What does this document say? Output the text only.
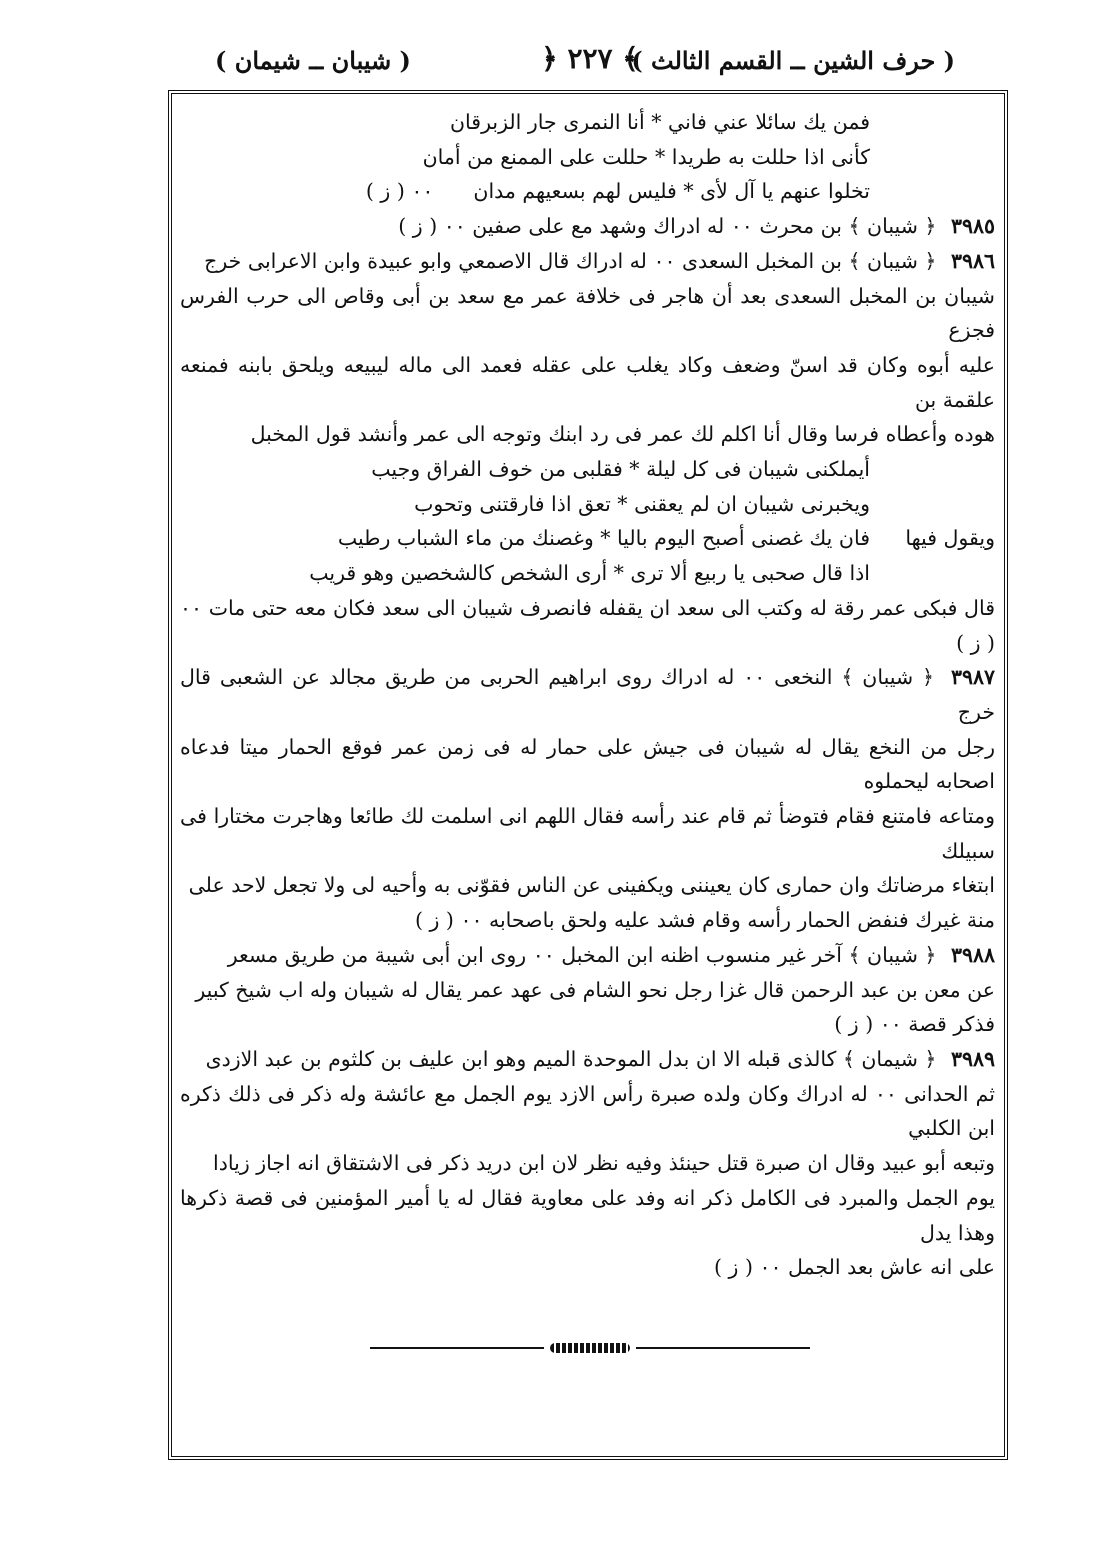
( حرف الشين ــ القسم الثالث )
﴾ ٢٢٧ ﴿
( شيبان ــ شيمان )
فمن يك سائلا عني فاني * أنا النمرى جار الزبرقان
كأنى اذا حللت به طريدا * حللت على الممنع من أمان
تخلوا عنهم يا آل لأى * فليس لهم بسعيهم مدان٠٠ ( ز )

٣٩٨٥ ﴿ شيبان ﴾ بن محرث ٠٠ له ادراك وشهد مع على صفين ٠٠ ( ز )

٣٩٨٦ ﴿ شيبان ﴾ بن المخبل السعدى ٠٠ له ادراك قال الاصمعي وابو عبيدة وابن الاعرابى خرج

شيبان بن المخبل السعدى بعد أن هاجر فى خلافة عمر مع سعد بن أبى وقاص الى حرب الفرس فجزع

عليه أبوه وكان قد اسنّ وضعف وكاد يغلب على عقله فعمد الى ماله ليبيعه ويلحق بابنه فمنعه علقمة بن

هوده وأعطاه فرسا وقال أنا اكلم لك عمر فى رد ابنك وتوجه الى عمر وأنشد قول المخبل

أيملكنى شيبان فى كل ليلة * فقلبى من خوف الفراق وجيب
ويخبرنى شيبان ان لم يعقنى * تعق اذا فارقتنى وتحوب
ويقول فيها
فان يك غصنى أصبح اليوم باليا * وغصنك من ماء الشباب رطيب
اذا قال صحبى يا ربيع ألا ترى * أرى الشخص كالشخصين وهو قريب

قال فبكى عمر رقة له وكتب الى سعد ان يقفله فانصرف شيبان الى سعد فكان معه حتى مات ٠٠ ( ز )

٣٩٨٧ ﴿ شيبان ﴾ النخعى ٠٠ له ادراك روى ابراهيم الحربى من طريق مجالد عن الشعبى قال خرج

رجل من النخع يقال له شيبان فى جيش على حمار له فى زمن عمر فوقع الحمار ميتا فدعاه اصحابه ليحملوه

ومتاعه فامتنع فقام فتوضأ ثم قام عند رأسه فقال اللهم انى اسلمت لك طائعا وهاجرت مختارا فى سبيلك

ابتغاء مرضاتك وان حمارى كان يعيننى ويكفينى عن الناس فقوّنى به وأحيه لى ولا تجعل لاحد على

منة غيرك فنفض الحمار رأسه وقام فشد عليه ولحق باصحابه ٠٠ ( ز )

٣٩٨٨ ﴿ شيبان ﴾ آخر غير منسوب اظنه ابن المخبل ٠٠ روى ابن أبى شيبة من طريق مسعر

عن معن بن عبد الرحمن قال غزا رجل نحو الشام فى عهد عمر يقال له شيبان وله اب شيخ كبير

فذكر قصة ٠٠ ( ز )

٣٩٨٩ ﴿ شيمان ﴾ كالذى قبله الا ان بدل الموحدة الميم وهو ابن عليف بن كلثوم بن عبد الازدى

ثم الحدانى ٠٠ له ادراك وكان ولده صبرة رأس الازد يوم الجمل مع عائشة وله ذكر فى ذلك ذكره ابن الكلبي

وتبعه أبو عبيد وقال ان صبرة قتل حينئذ وفيه نظر لان ابن دريد ذكر فى الاشتقاق انه اجاز زيادا

يوم الجمل والمبرد فى الكامل ذكر انه وفد على معاوية فقال له يا أمير المؤمنين فى قصة ذكرها وهذا يدل

على انه عاش بعد الجمل ٠٠ ( ز )
